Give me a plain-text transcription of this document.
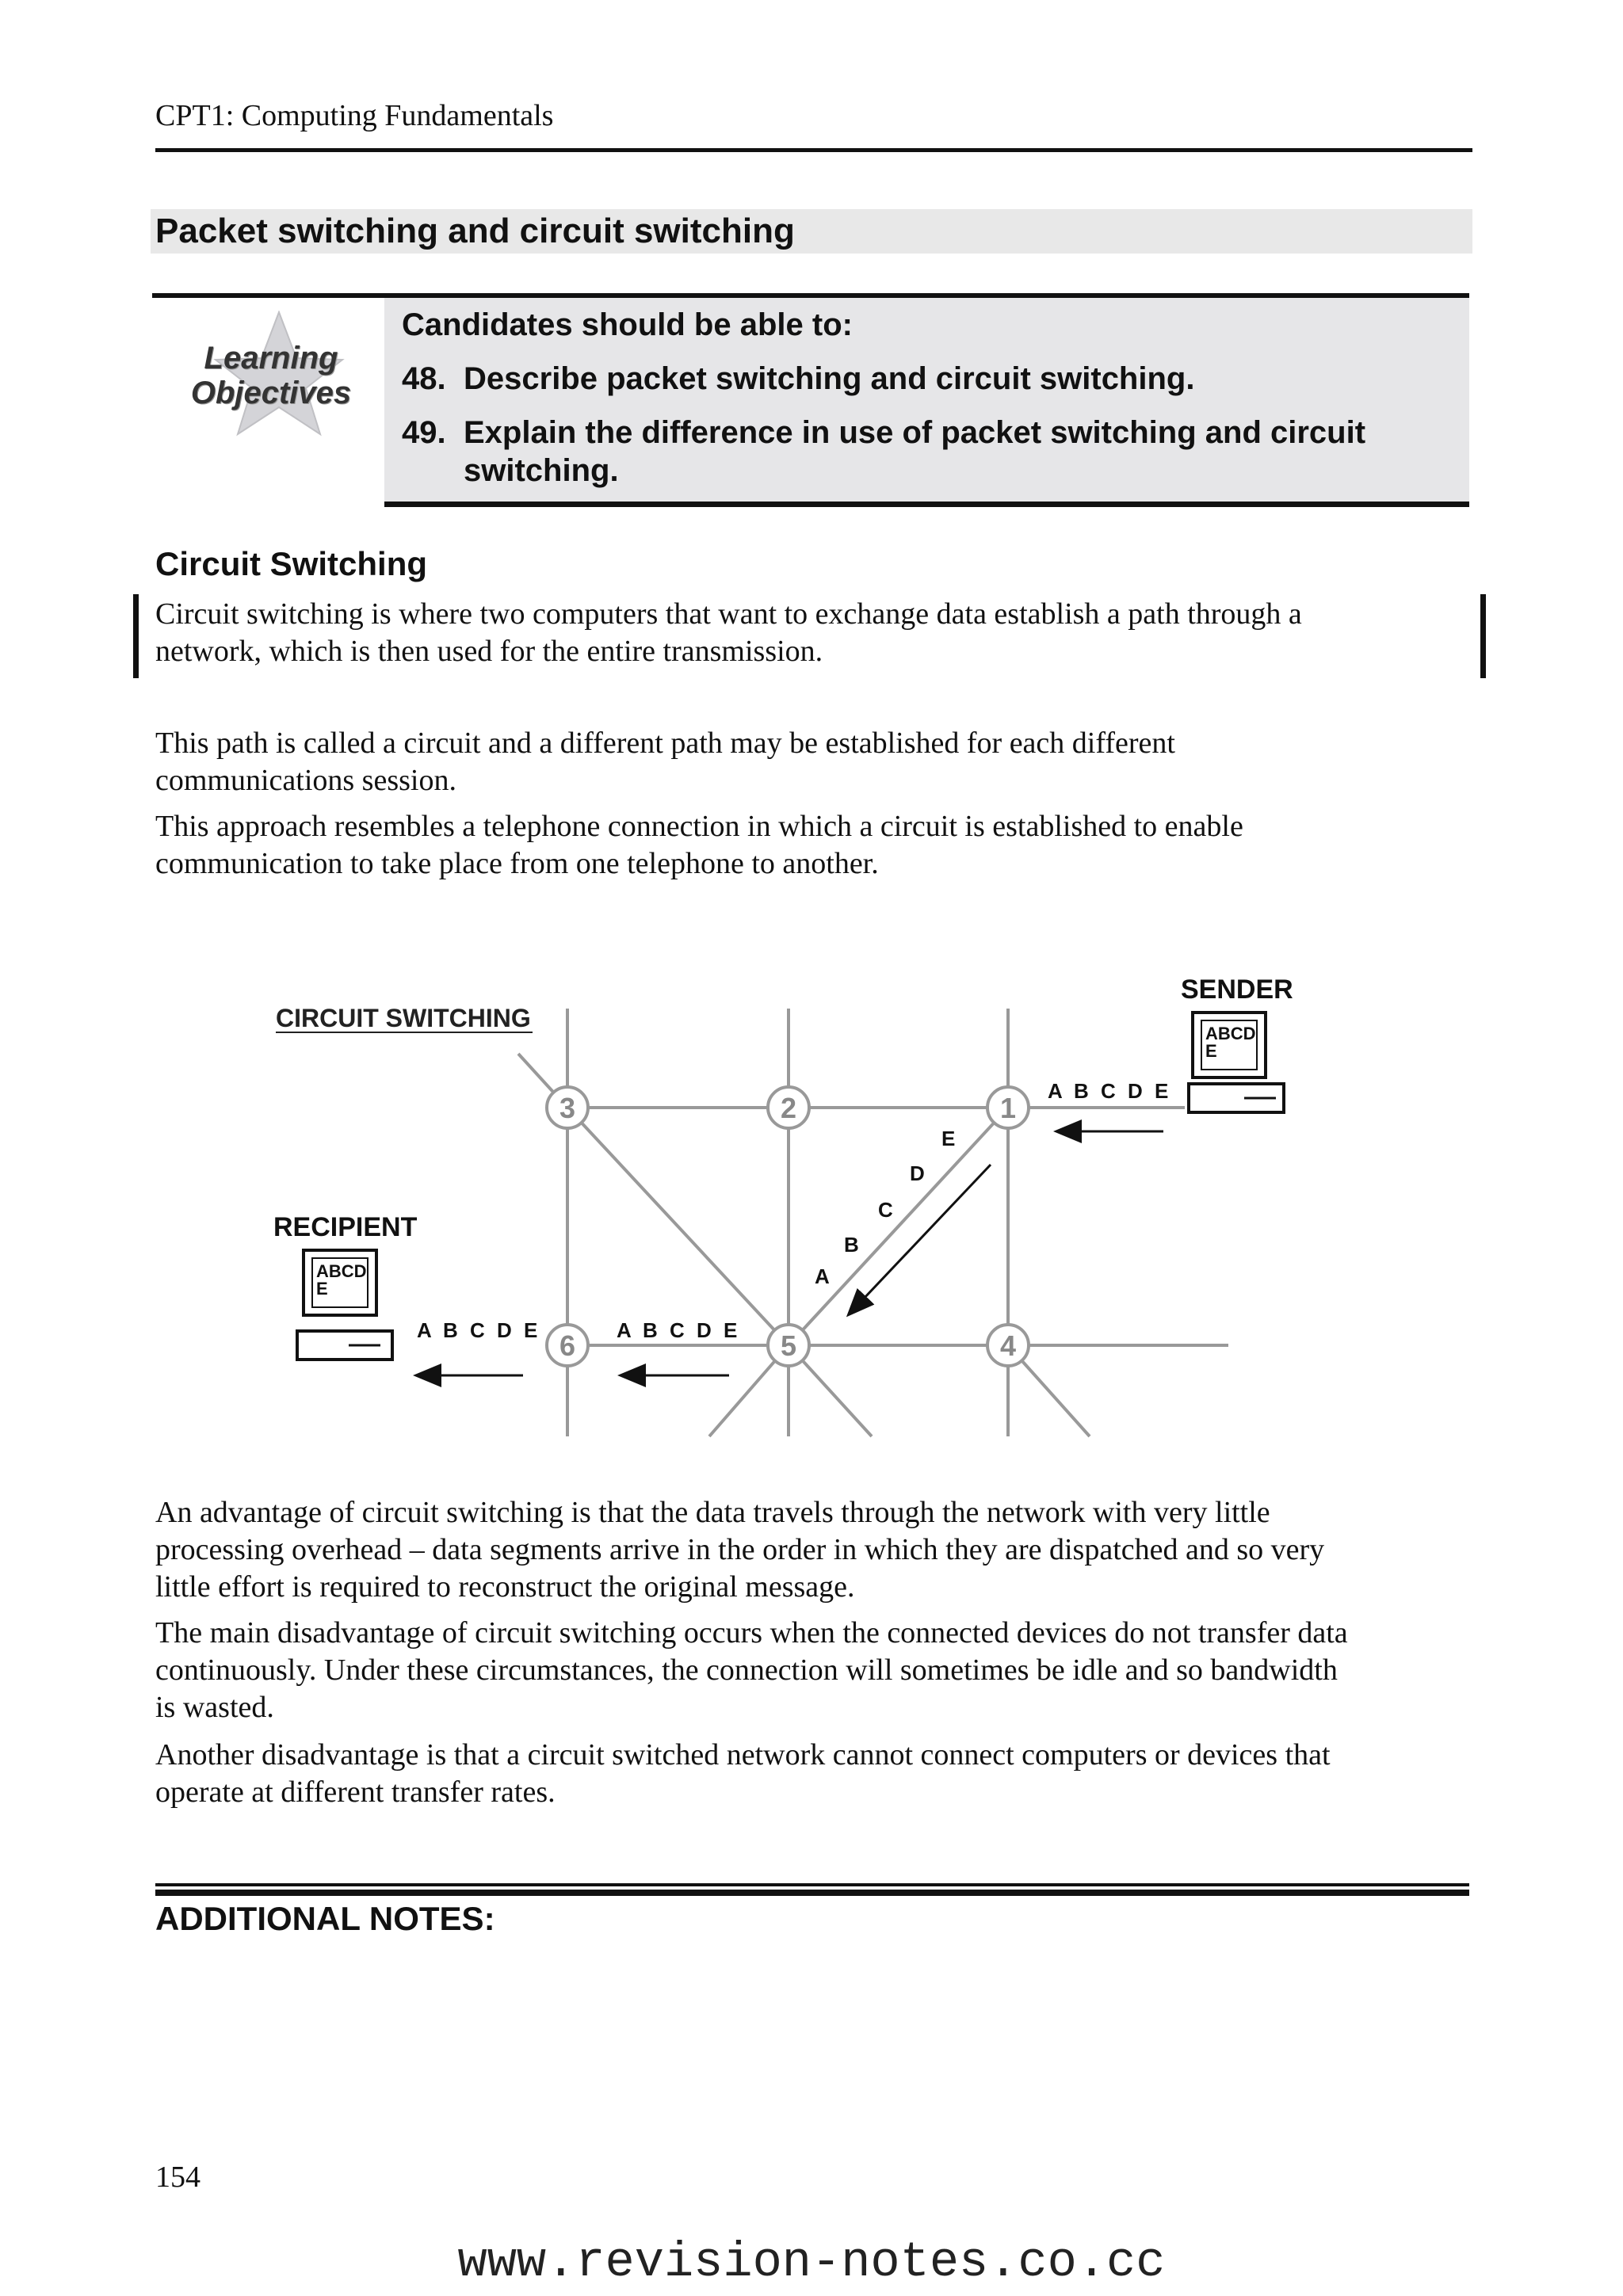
CPT1: Computing Fundamentals
Packet switching and circuit switching
Learning
Objectives
Candidates should be able to:
48. Describe packet switching and circuit switching.
49. Explain the difference in use of packet switching and circuit
switching.
Circuit Switching
Circuit switching is where two computers that want to exchange data establish a path through a
network, which is then used for the entire transmission.
This path is called a circuit and a different path may be established for each different
communications session.
This approach resembles a telephone connection in which a circuit is established to enable
communication to take place from one telephone to another.
CIRCUIT SWITCHING
1
2
3
4
5
6
SENDER
ABCD
E
A B C D E
A
B
C
D
E
A B C D E
RECIPIENT
ABCD
E
A B C D E
An advantage of circuit switching is that the data travels through the network with very little
processing overhead – data segments arrive in the order in which they are dispatched and so very
little effort is required to reconstruct the original message.
The main disadvantage of circuit switching occurs when the connected devices do not transfer data
continuously. Under these circumstances, the connection will sometimes be idle and so bandwidth
is wasted.
Another disadvantage is that a circuit switched network cannot connect computers or devices that
operate at different transfer rates.
ADDITIONAL NOTES:
154
www.revision-notes.co.cc
